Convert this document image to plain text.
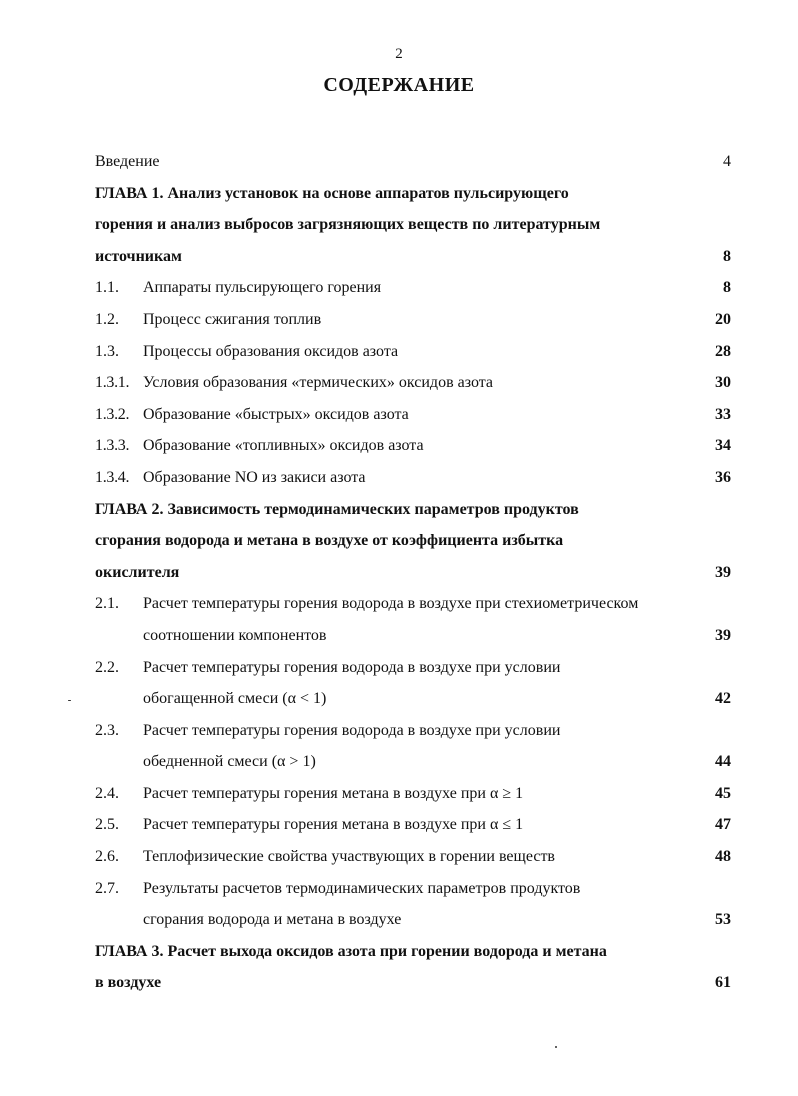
2
СОДЕРЖАНИЕ
Введение	4
ГЛАВА 1. Анализ установок на основе аппаратов пульсирующего
горения и анализ выбросов загрязняющих веществ по литературным
источникам	8
1.1. Аппараты пульсирующего горения	8
1.2. Процесс сжигания топлив	20
1.3. Процессы образования оксидов азота	28
1.3.1. Условия образования «термических» оксидов азота	30
1.3.2. Образование «быстрых» оксидов азота	33
1.3.3. Образование «топливных» оксидов азота	34
1.3.4. Образование NO из закиси азота	36
ГЛАВА 2. Зависимость термодинамических параметров продуктов
сгорания водорода и метана в воздухе от коэффициента избытка
окислителя	39
2.1. Расчет температуры горения водорода в воздухе при стехиометрическом
соотношении компонентов	39
2.2. Расчет температуры горения водорода в воздухе при условии
обогащенной смеси (α < 1)	42
2.3. Расчет температуры горения водорода в воздухе при условии
обедненной смеси (α > 1)	44
2.4. Расчет температуры горения метана в воздухе при α ≥ 1	45
2.5. Расчет температуры горения метана в воздухе при α ≤ 1	47
2.6. Теплофизические свойства участвующих в горении веществ	48
2.7. Результаты расчетов термодинамических параметров продуктов
сгорания водорода и метана в воздухе	53
ГЛАВА 3. Расчет выхода оксидов азота при горении водорода и метана
в воздухе	61
